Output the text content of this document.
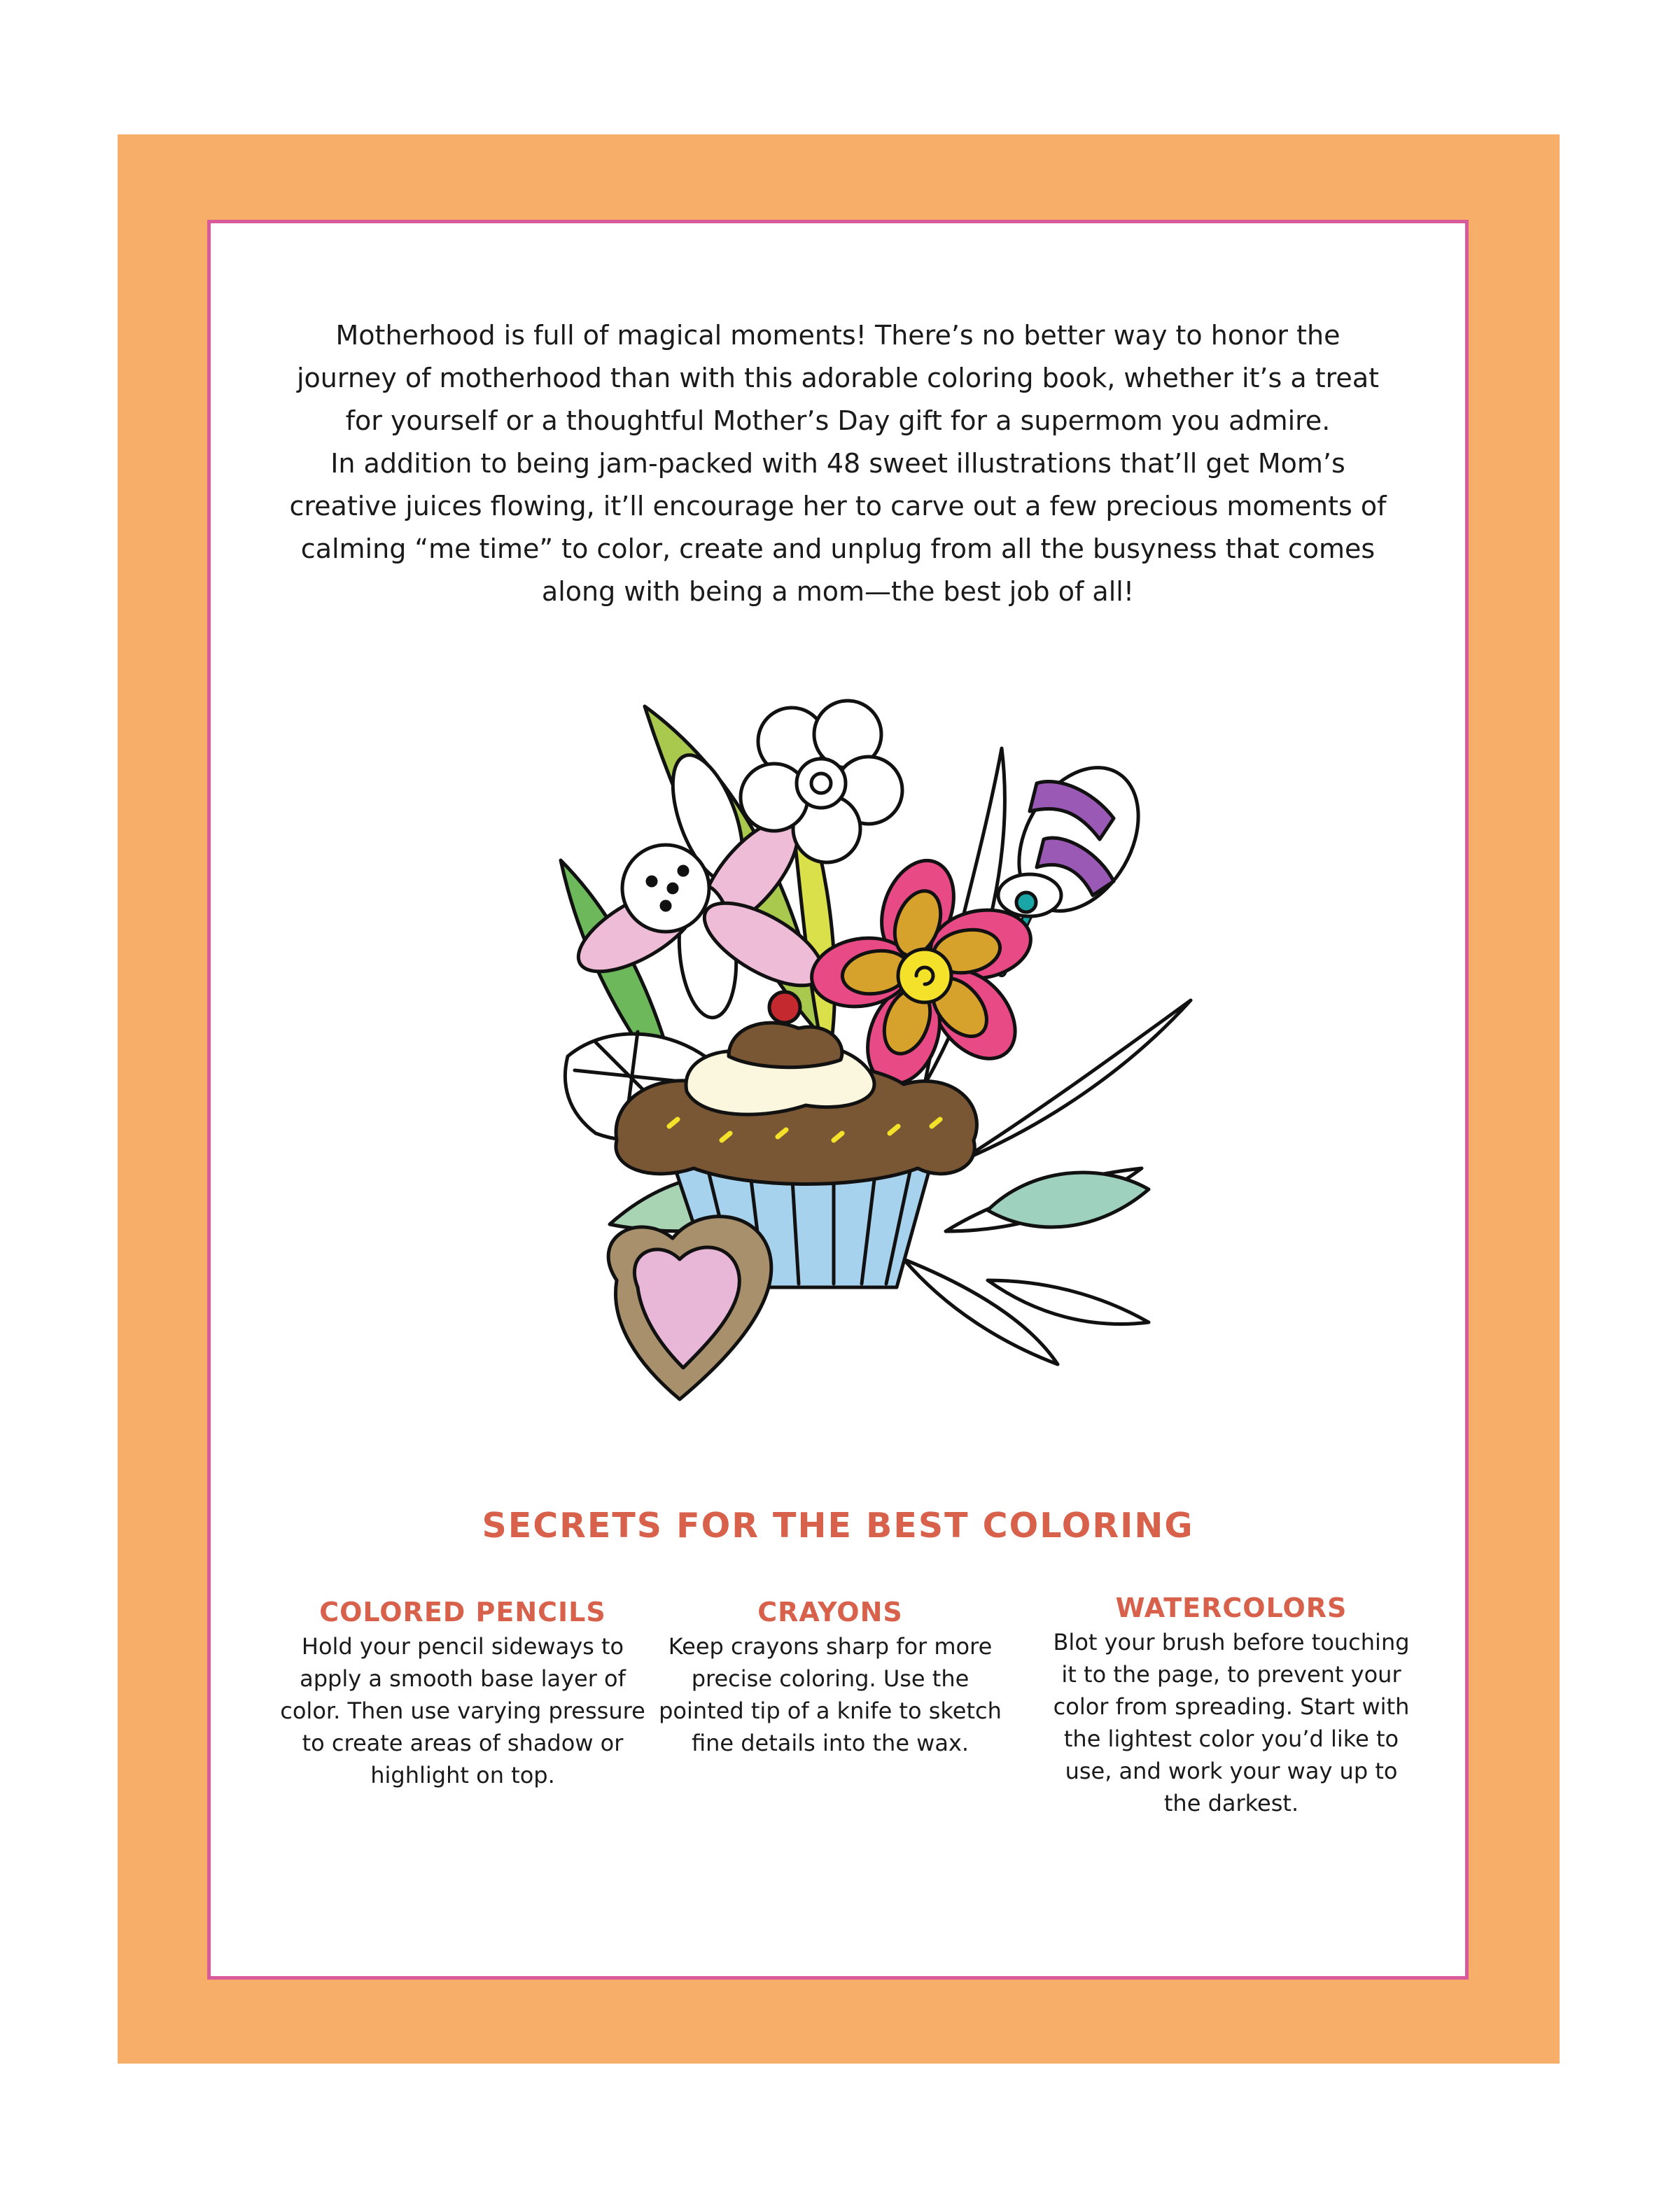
Motherhood is full of magical moments! There’s no better way to honor the
journey of motherhood than with this adorable coloring book, whether it’s a treat
for yourself or a thoughtful Mother’s Day gift for a supermom you admire.
In addition to being jam-packed with 48 sweet illustrations that’ll get Mom’s
creative juices flowing, it’ll encourage her to carve out a few precious moments of
calming “me time” to color, create and unplug from all the busyness that comes
along with being a mom—the best job of all!

SECRETS FOR THE BEST COLORING
COLORED PENCILS

Hold your pencil sideways to
apply a smooth base layer of
color. Then use varying pressure
to create areas of shadow or
highlight on top.

CRAYONS

Keep crayons sharp for more
precise coloring. Use the
pointed tip of a knife to sketch
fine details into the wax.

WATERCOLORS

Blot your brush before touching
it to the page, to prevent your
color from spreading. Start with
the lightest color you’d like to
use, and work your way up to
the darkest.
